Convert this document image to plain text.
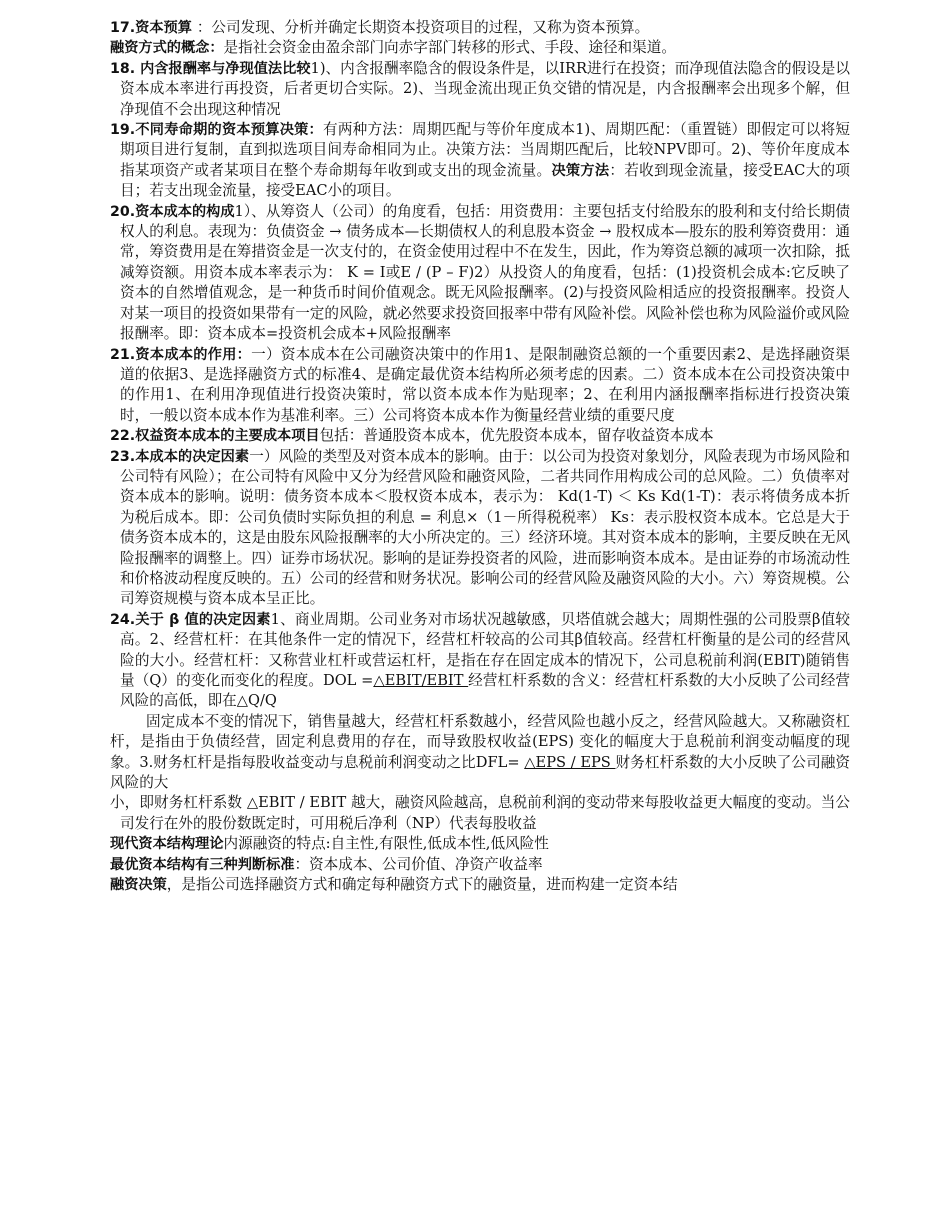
17.资本预算 ：公司发现、分析并确定长期资本投资项目的过程，又称为资本预算。

融资方式的概念：是指社会资金由盈余部门向赤字部门转移的形式、手段、途径和渠道。

18. 内含报酬率与净现值法比较1)、内含报酬率隐含的假设条件是，以IRR进行在投资；而净现值法隐含的假设是以资本成本率进行再投资，后者更切合实际。2)、当现金流出现正负交错的情况是，内含报酬率会出现多个解，但净现值不会出现这种情况

19.不同寿命期的资本预算决策：有两种方法：周期匹配与等价年度成本1)、周期匹配：（重置链）即假定可以将短期项目进行复制，直到拟选项目间寿命相同为止。决策方法：当周期匹配后，比较NPV即可。2)、等价年度成本指某项资产或者某项目在整个寿命期每年收到或支出的现金流量。决策方法：若收到现金流量，接受EAC大的项目；若支出现金流量，接受EAC小的项目。

20.资本成本的构成1）、从筹资人（公司）的角度看，包括：用资费用：主要包括支付给股东的股利和支付给长期债权人的利息。表现为：负债资金 → 债务成本—长期债权人的利息股本资金 → 股权成本—股东的股利筹资费用：通常，筹资费用是在筹措资金是一次支付的，在资金使用过程中不在发生，因此，作为筹资总额的减项一次扣除，抵减筹资额。用资本成本率表示为： K = I或E / (P – F)2）从投资人的角度看，包括：(1)投资机会成本:它反映了资本的自然增值观念，是一种货币时间价值观念。既无风险报酬率。(2)与投资风险相适应的投资报酬率。投资人对某一项目的投资如果带有一定的风险，就必然要求投资回报率中带有风险补偿。风险补偿也称为风险溢价或风险报酬率。即：资本成本=投资机会成本+风险报酬率

21.资本成本的作用：一）资本成本在公司融资决策中的作用1、是限制融资总额的一个重要因素2、是选择融资渠道的依据3、是选择融资方式的标准4、是确定最优资本结构所必须考虑的因素。二）资本成本在公司投资决策中的作用1、在利用净现值进行投资决策时，常以资本成本作为贴现率；2、在利用内涵报酬率指标进行投资决策时，一般以资本成本作为基准利率。三）公司将资本成本作为衡量经营业绩的重要尺度

22.权益资本成本的主要成本项目包括：普通股资本成本，优先股资本成本，留存收益资本成本

23.本成本的决定因素一）风险的类型及对资本成本的影响。由于：以公司为投资对象划分，风险表现为市场风险和公司特有风险）；在公司特有风险中又分为经营风险和融资风险，二者共同作用构成公司的总风险。二）负债率对资本成本的影响。说明：债务资本成本＜股权资本成本，表示为： Kd(1-T) ＜ Ks Kd(1-T)：表示将债务成本折为税后成本。即：公司负债时实际负担的利息 = 利息×（1－所得税税率） Ks：表示股权资本成本。它总是大于债务资本成本的，这是由股东风险报酬率的大小所决定的。三）经济环境。其对资本成本的影响，主要反映在无风险报酬率的调整上。四）证券市场状况。影响的是证券投资者的风险，进而影响资本成本。是由证券的市场流动性和价格波动程度反映的。五）公司的经营和财务状况。影响公司的经营风险及融资风险的大小。六）筹资规模。公司筹资规模与资本成本呈正比。

24.关于 β 值的决定因素1、商业周期。公司业务对市场状况越敏感，贝塔值就会越大；周期性强的公司股票β值较高。2、经营杠杆：在其他条件一定的情况下，经营杠杆较高的公司其β值较高。经营杠杆衡量的是公司的经营风险的大小。经营杠杆：又称营业杠杆或营运杠杆，是指在存在固定成本的情况下，公司息税前利润(EBIT)随销售量（Q）的变化而变化的程度。DOL =△EBIT/EBIT 经营杠杆系数的含义：经营杠杆系数的大小反映了公司经营风险的高低，即在△Q/Q

固定成本不变的情况下，销售量越大，经营杠杆系数越小，经营风险也越小反之，经营风险越大。又称融资杠杆，是指由于负债经营，固定利息费用的存在，而导致股权收益(EPS) 变化的幅度大于息税前利润变动幅度的现象。3.财务杠杆是指每股收益变动与息税前利润变动之比DFL= △EPS / EPS 财务杠杆系数的大小反映了公司融资风险的大

小，即财务杠杆系数 △EBIT / EBIT 越大，融资风险越高，息税前利润的变动带来每股收益更大幅度的变动。当公司发行在外的股份数既定时，可用税后净利（NP）代表每股收益

现代资本结构理论内源融资的特点:自主性,有限性,低成本性,低风险性

最优资本结构有三种判断标准：资本成本、公司价值、净资产收益率

融资决策，是指公司选择融资方式和确定每种融资方式下的融资量，进而构建一定资本结
